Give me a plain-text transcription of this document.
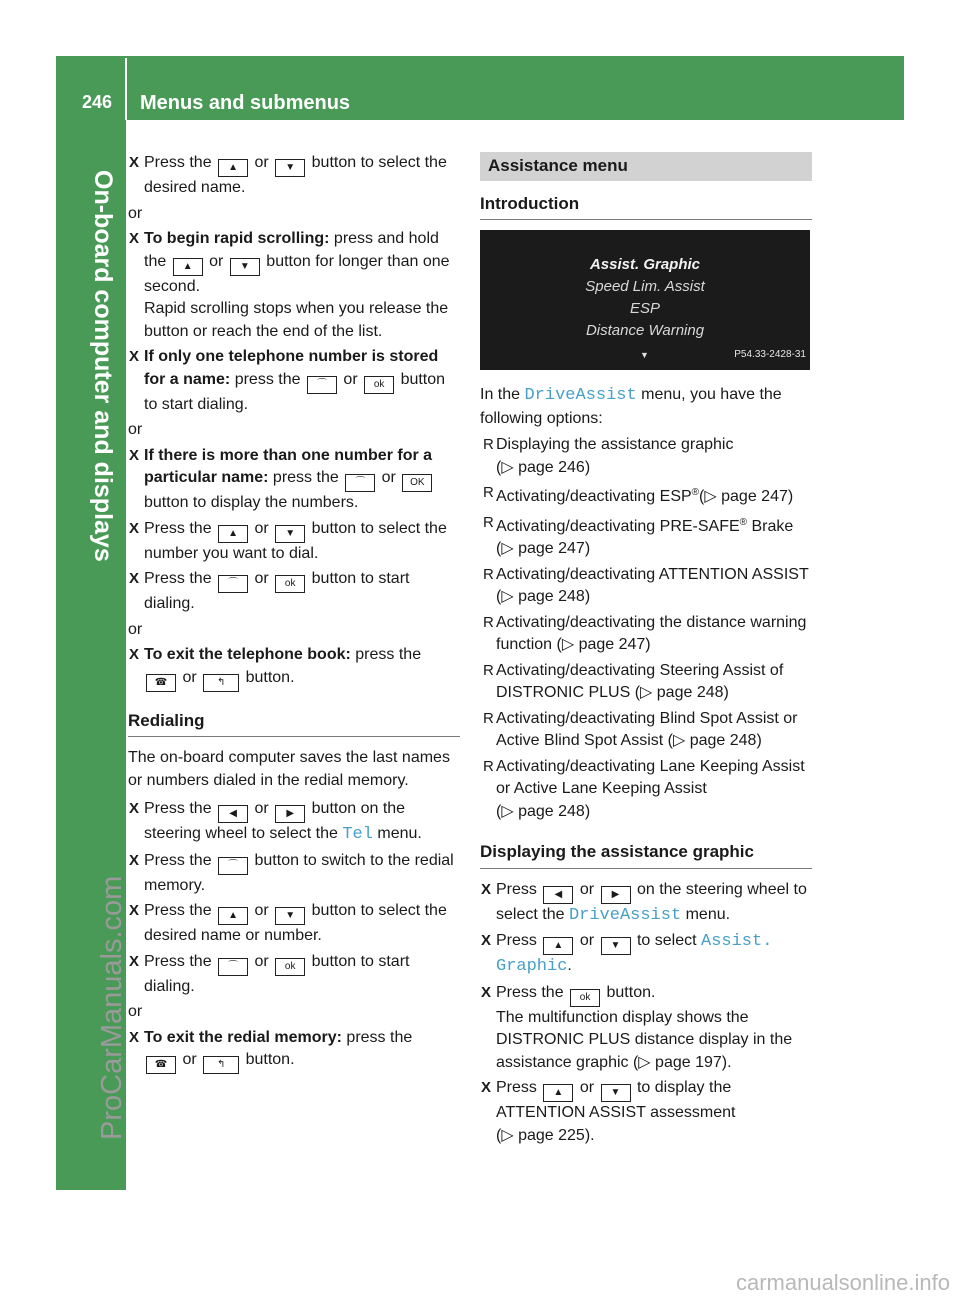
246 Menus and submenus
On-board computer and displays
ProCarManuals.com
carmanualsonline.info
X Press the ▲ or ▼ button to select the desired name.
or
X To begin rapid scrolling: press and hold the ▲ or ▼ button for longer than one second.
Rapid scrolling stops when you release the button or reach the end of the list.
X If only one telephone number is stored for a name: press the ⌒ or ok button to start dialing.
or
X If there is more than one number for a particular name: press the ⌒ or OK button to display the numbers.
X Press the ▲ or ▼ button to select the number you want to dial.
X Press the ⌒ or ok button to start dialing.
or
X To exit the telephone book: press the
☎ or ↰ button.
Redialing
The on-board computer saves the last names or numbers dialed in the redial memory.
X Press the ◀ or ▶ button on the steering wheel to select the Tel menu.
X Press the ⌒ button to switch to the redial memory.
X Press the ▲ or ▼ button to select the desired name or number.
X Press the ⌒ or ok button to start dialing.
or
X To exit the redial memory: press the
☎ or ↰ button.
Assistance menu
Introduction
Assist. Graphic
Speed Lim. Assist
ESP
Distance Warning
▼	P54.33-2428-31
In the DriveAssist menu, you have the following options:
R Displaying the assistance graphic
(▷ page 246)
R Activating/deactivating ESP®(▷ page 247)
R Activating/deactivating PRE-SAFE® Brake
(▷ page 247)
R Activating/deactivating ATTENTION ASSIST (▷ page 248)
R Activating/deactivating the distance warning function (▷ page 247)
R Activating/deactivating Steering Assist of DISTRONIC PLUS (▷ page 248)
R Activating/deactivating Blind Spot Assist or Active Blind Spot Assist (▷ page 248)
R Activating/deactivating Lane Keeping Assist or Active Lane Keeping Assist
(▷ page 248)
Displaying the assistance graphic
X Press ◀ or ▶ on the steering wheel to select the DriveAssist menu.
X Press ▲ or ▼ to select Assist.
Graphic.
X Press the ok button.
The multifunction display shows the DISTRONIC PLUS distance display in the assistance graphic (▷ page 197).
X Press ▲ or ▼ to display the ATTENTION ASSIST assessment
(▷ page 225).
